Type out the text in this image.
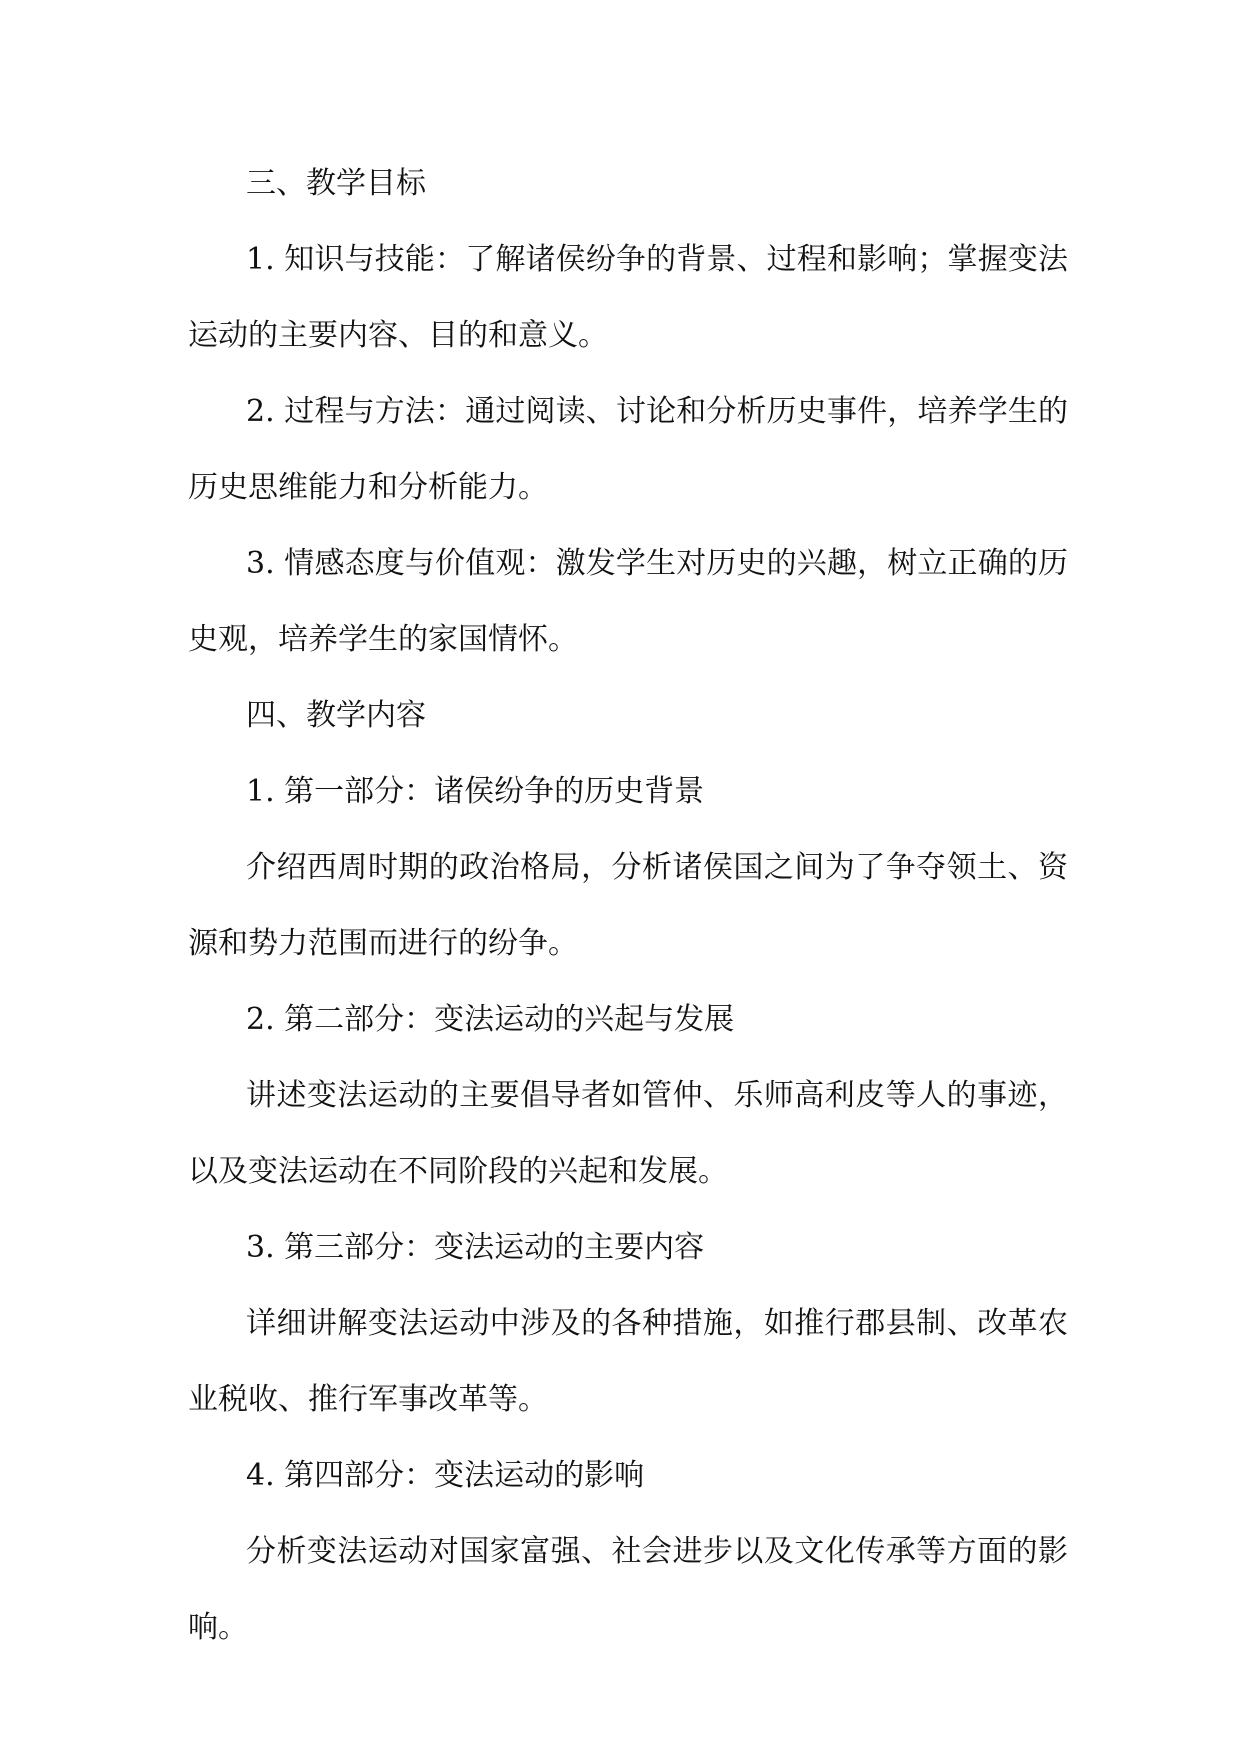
三、教学目标

1. 知识与技能：了解诸侯纷争的背景、过程和影响；掌握变法运动的主要内容、目的和意义。

2. 过程与方法：通过阅读、讨论和分析历史事件，培养学生的历史思维能力和分析能力。

3. 情感态度与价值观：激发学生对历史的兴趣，树立正确的历史观，培养学生的家国情怀。

四、教学内容

1. 第一部分：诸侯纷争的历史背景

介绍西周时期的政治格局，分析诸侯国之间为了争夺领土、资源和势力范围而进行的纷争。

2. 第二部分：变法运动的兴起与发展

讲述变法运动的主要倡导者如管仲、乐师高利皮等人的事迹，以及变法运动在不同阶段的兴起和发展。

3. 第三部分：变法运动的主要内容

详细讲解变法运动中涉及的各种措施，如推行郡县制、改革农业税收、推行军事改革等。

4. 第四部分：变法运动的影响

分析变法运动对国家富强、社会进步以及文化传承等方面的影响。
